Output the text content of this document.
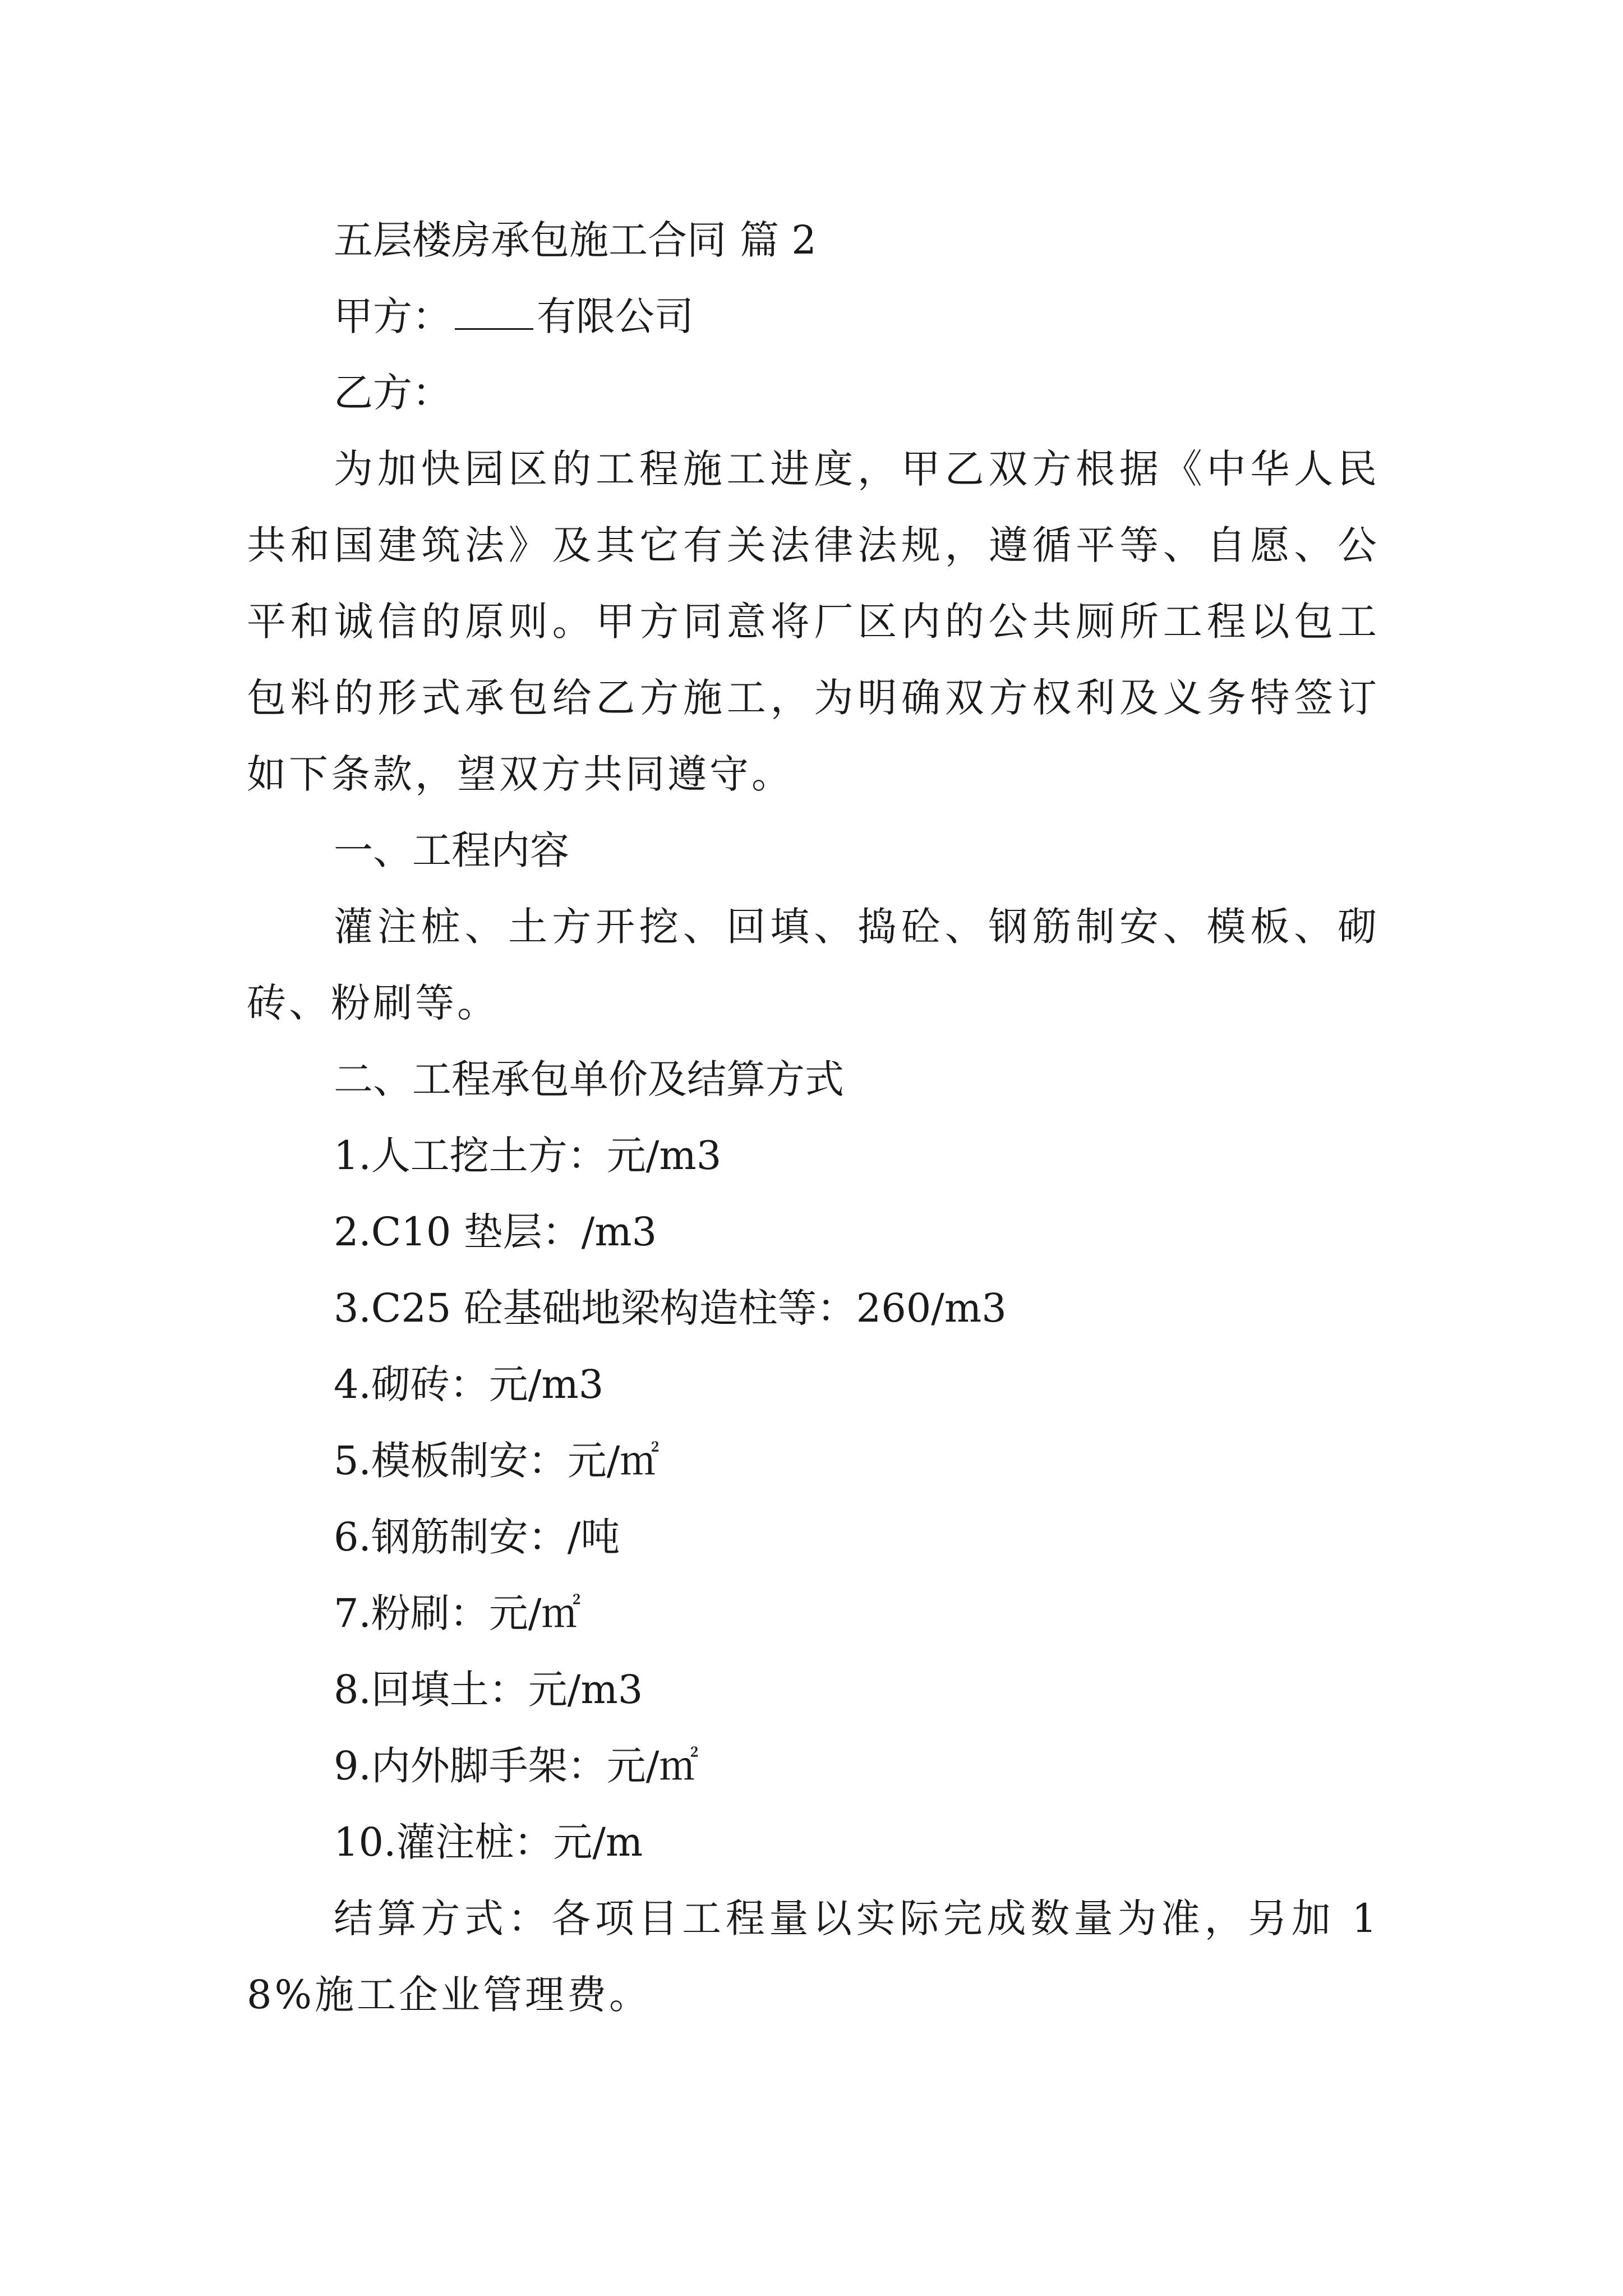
五层楼房承包施工合同 篇 2

甲方： 有限公司

乙方：

为加快园区的工程施工进度，甲乙双方根据《中华人民共和国建筑法》及其它有关法律法规，遵循平等、自愿、公平和诚信的原则。甲方同意将厂区内的公共厕所工程以包工包料的形式承包给乙方施工，为明确双方权利及义务特签订如下条款，望双方共同遵守。

一、工程内容

灌注桩、土方开挖、回填、捣砼、钢筋制安、模板、砌砖、粉刷等。

二、工程承包单价及结算方式

1.人工挖土方：元/m3

2.C10 垫层：/m3

3.C25 砼基础地梁构造柱等：260/m3

4.砌砖：元/m3

5.模板制安：元/㎡

6.钢筋制安：/吨

7.粉刷：元/㎡

8.回填土：元/m3

9.内外脚手架：元/㎡

10.灌注桩：元/m

结算方式：各项目工程量以实际完成数量为准，另加 18%施工企业管理费。
